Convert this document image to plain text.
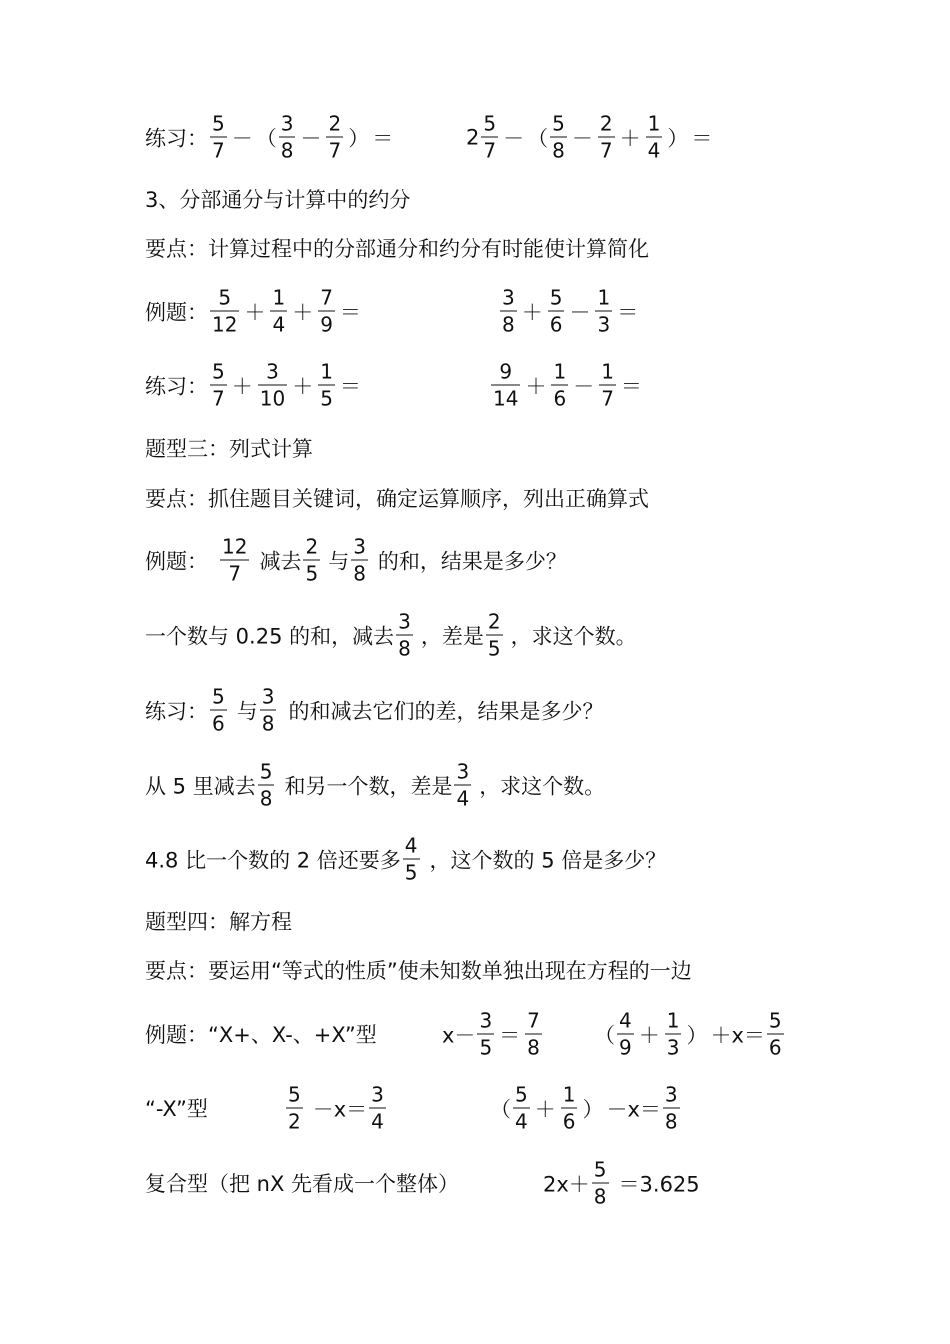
练习： $\frac{5}{7}$ － （ $\frac{3}{8} - \frac{2}{7}$ ） ＝	$2 \frac{5}{7}$ － （ $\frac{5}{8} - \frac{2}{7} + \frac{1}{4}$ ） ＝
3、分部通分与计算中的约分
要点：计算过程中的分部通分和约分有时能使计算简化
例题： $\frac{5}{12} + \frac{1}{4} + \frac{7}{9}$ ＝	$\frac{3}{8} + \frac{5}{6} - \frac{1}{3}$ ＝
练习： $\frac{5}{7} + \frac{3}{10} + \frac{1}{5}$ ＝	$\frac{9}{14} + \frac{1}{6} - \frac{1}{7}$ ＝
题型三：列式计算
要点：抓住题目关键词，确定运算顺序，列出正确算式
例题： $\frac{12}{7}$ 减去 $\frac{2}{5}$ 与 $\frac{3}{8}$ 的和，结果是多少？
一个数与 0.25 的和，减去 $\frac{3}{8}$ ，差是 $\frac{2}{5}$ ，求这个数。
练习： $\frac{5}{6}$ 与 $\frac{3}{8}$ 的和减去它们的差，结果是多少？
从 5 里减去 $\frac{5}{8}$ 和另一个数，差是 $\frac{3}{4}$ ，求这个数。
4.8 比一个数的 2 倍还要多 $\frac{4}{5}$ ，这个数的 5 倍是多少？
题型四：解方程
要点：要运用“等式的性质”使未知数单独出现在方程的一边
例题：“X+、X-、+X”型	$x- \frac{3}{5} = \frac{7}{8}$ （ $\frac{4}{9} + \frac{1}{3}$ ） $+x= \frac{5}{6}$
“-X”型	$\frac{5}{2} -x= \frac{3}{4}$	（ $\frac{5}{4} + \frac{1}{6}$ ） $-x= \frac{3}{8}$
复合型（把 nX 先看成一个整体）	$2x+ \frac{5}{8} =3.625$
